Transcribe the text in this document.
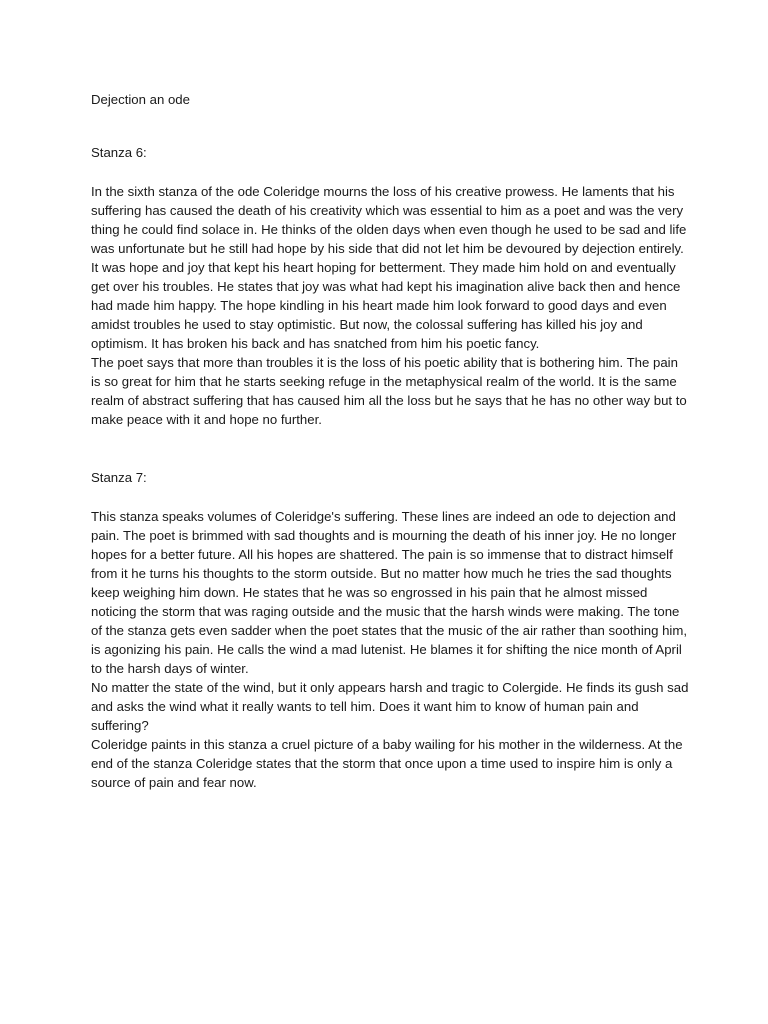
Dejection an ode
Stanza 6:

In the sixth stanza of the ode Coleridge mourns the loss of his creative prowess. He laments that his suffering has caused the death of his creativity which was essential to him as a poet and was the very thing he could find solace in. He thinks of the olden days when even though he used to be sad and life was unfortunate but he still had hope by his side that did not let him be devoured by dejection entirely. It was hope and joy that kept his heart hoping for betterment. They made him hold on and eventually get over his troubles. He states that joy was what had kept his imagination alive back then and hence had made him happy. The hope kindling in his heart made him look forward to good days and even amidst troubles he used to stay optimistic. But now, the colossal suffering has killed his joy and optimism. It has broken his back and has snatched from him his poetic fancy.

The poet says that more than troubles it is the loss of his poetic ability that is bothering him. The pain is so great for him that he starts seeking refuge in the metaphysical realm of the world. It is the same realm of abstract suffering that has caused him all the loss but he says that he has no other way but to make peace with it and hope no further.

Stanza 7:

This stanza speaks volumes of Coleridge's suffering. These lines are indeed an ode to dejection and pain. The poet is brimmed with sad thoughts and is mourning the death of his inner joy. He no longer hopes for a better future. All his hopes are shattered. The pain is so immense that to distract himself from it he turns his thoughts to the storm outside. But no matter how much he tries the sad thoughts keep weighing him down. He states that he was so engrossed in his pain that he almost missed noticing the storm that was raging outside and the music that the harsh winds were making. The tone of the stanza gets even sadder when the poet states that the music of the air rather than soothing him, is agonizing his pain. He calls the wind a mad lutenist. He blames it for shifting the nice month of April to the harsh days of winter.

No matter the state of the wind, but it only appears harsh and tragic to Colergide. He finds its gush sad and asks the wind what it really wants to tell him. Does it want him to know of human pain and suffering?

Coleridge paints in this stanza a cruel picture of a baby wailing for his mother in the wilderness. At the end of the stanza Coleridge states that the storm that once upon a time used to inspire him is only a source of pain and fear now.
